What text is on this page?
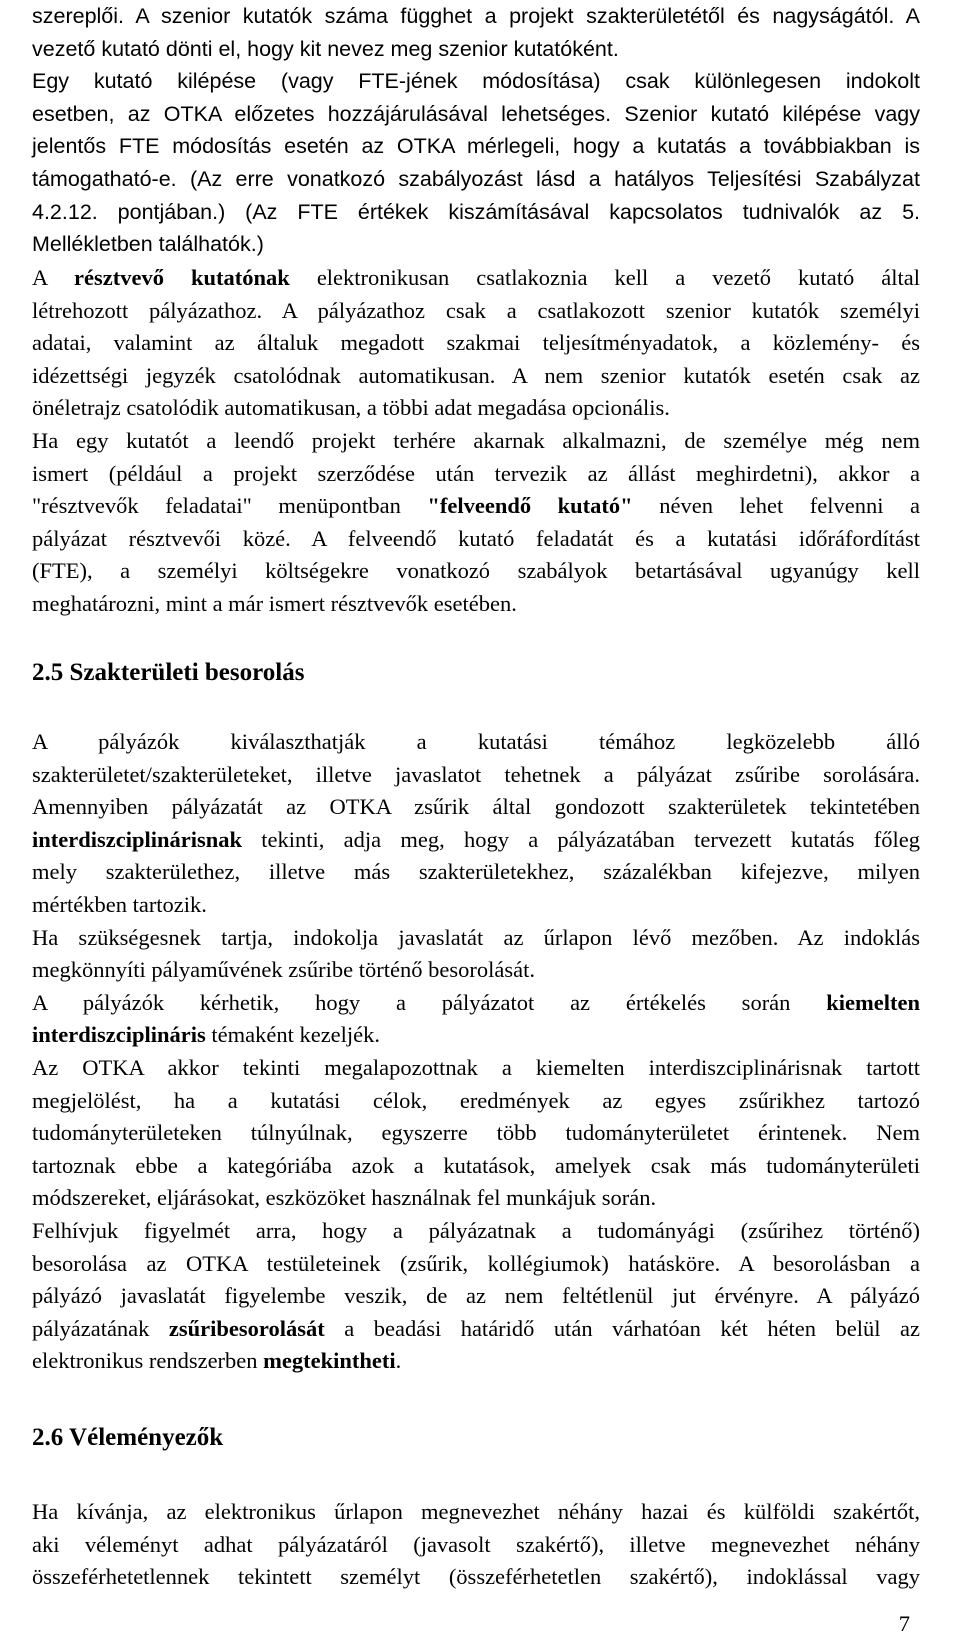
szereplői. A szenior kutatók száma függhet a projekt szakterületétől és nagyságától. A
vezető kutató dönti el, hogy kit nevez meg szenior kutatóként.
Egy kutató kilépése (vagy FTE-jének módosítása) csak különlegesen indokolt
esetben, az OTKA előzetes hozzájárulásával lehetséges. Szenior kutató kilépése vagy
jelentős FTE módosítás esetén az OTKA mérlegeli, hogy a kutatás a továbbiakban is
támogatható-e. (Az erre vonatkozó szabályozást lásd a hatályos Teljesítési Szabályzat
4.2.12. pontjában.) (Az FTE értékek kiszámításával kapcsolatos tudnivalók az 5.
Mellékletben találhatók.)
A résztvevő kutatónak elektronikusan csatlakoznia kell a vezető kutató által
létrehozott pályázathoz. A pályázathoz csak a csatlakozott szenior kutatók személyi
adatai, valamint az általuk megadott szakmai teljesítményadatok, a közlemény- és
idézettségi jegyzék csatolódnak automatikusan. A nem szenior kutatók esetén csak az
önéletrajz csatolódik automatikusan, a többi adat megadása opcionális.
Ha egy kutatót a leendő projekt terhére akarnak alkalmazni, de személye még nem
ismert (például a projekt szerződése után tervezik az állást meghirdetni), akkor a
"résztvevők feladatai" menüpontban "felveendő kutató" néven lehet felvenni a
pályázat résztvevői közé. A felveendő kutató feladatát és a kutatási időráfordítást
(FTE), a személyi költségekre vonatkozó szabályok betartásával ugyanúgy kell
meghatározni, mint a már ismert résztvevők esetében.
2.5 Szakterületi besorolás
A pályázók kiválaszthatják a kutatási témához legközelebb álló
szakterületet/szakterületeket, illetve javaslatot tehetnek a pályázat zsűribe sorolására.
Amennyiben pályázatát az OTKA zsűrik által gondozott szakterületek tekintetében
interdiszciplinárisnak tekinti, adja meg, hogy a pályázatában tervezett kutatás főleg
mely szakterülethez, illetve más szakterületekhez, százalékban kifejezve, milyen
mértékben tartozik.
Ha szükségesnek tartja, indokolja javaslatát az űrlapon lévő mezőben. Az indoklás
megkönnyíti pályaművének zsűribe történő besorolását.
A pályázók kérhetik, hogy a pályázatot az értékelés során kiemelten
interdiszciplináris témaként kezeljék.
Az OTKA akkor tekinti megalapozottnak a kiemelten interdiszciplinárisnak tartott
megjelölést, ha a kutatási célok, eredmények az egyes zsűrikhez tartozó
tudományterületeken túlnyúlnak, egyszerre több tudományterületet érintenek. Nem
tartoznak ebbe a kategóriába azok a kutatások, amelyek csak más tudományterületi
módszereket, eljárásokat, eszközöket használnak fel munkájuk során.
Felhívjuk figyelmét arra, hogy a pályázatnak a tudományági (zsűrihez történő)
besorolása az OTKA testületeinek (zsűrik, kollégiumok) hatásköre. A besorolásban a
pályázó javaslatát figyelembe veszik, de az nem feltétlenül jut érvényre. A pályázó
pályázatának zsűribesorolását a beadási határidő után várhatóan két héten belül az
elektronikus rendszerben megtekintheti.
2.6 Véleményezők
Ha kívánja, az elektronikus űrlapon megnevezhet néhány hazai és külföldi szakértőt,
aki véleményt adhat pályázatáról (javasolt szakértő), illetve megnevezhet néhány
összeférhetetlennek tekintett személyt (összeférhetetlen szakértő), indoklással vagy
7
